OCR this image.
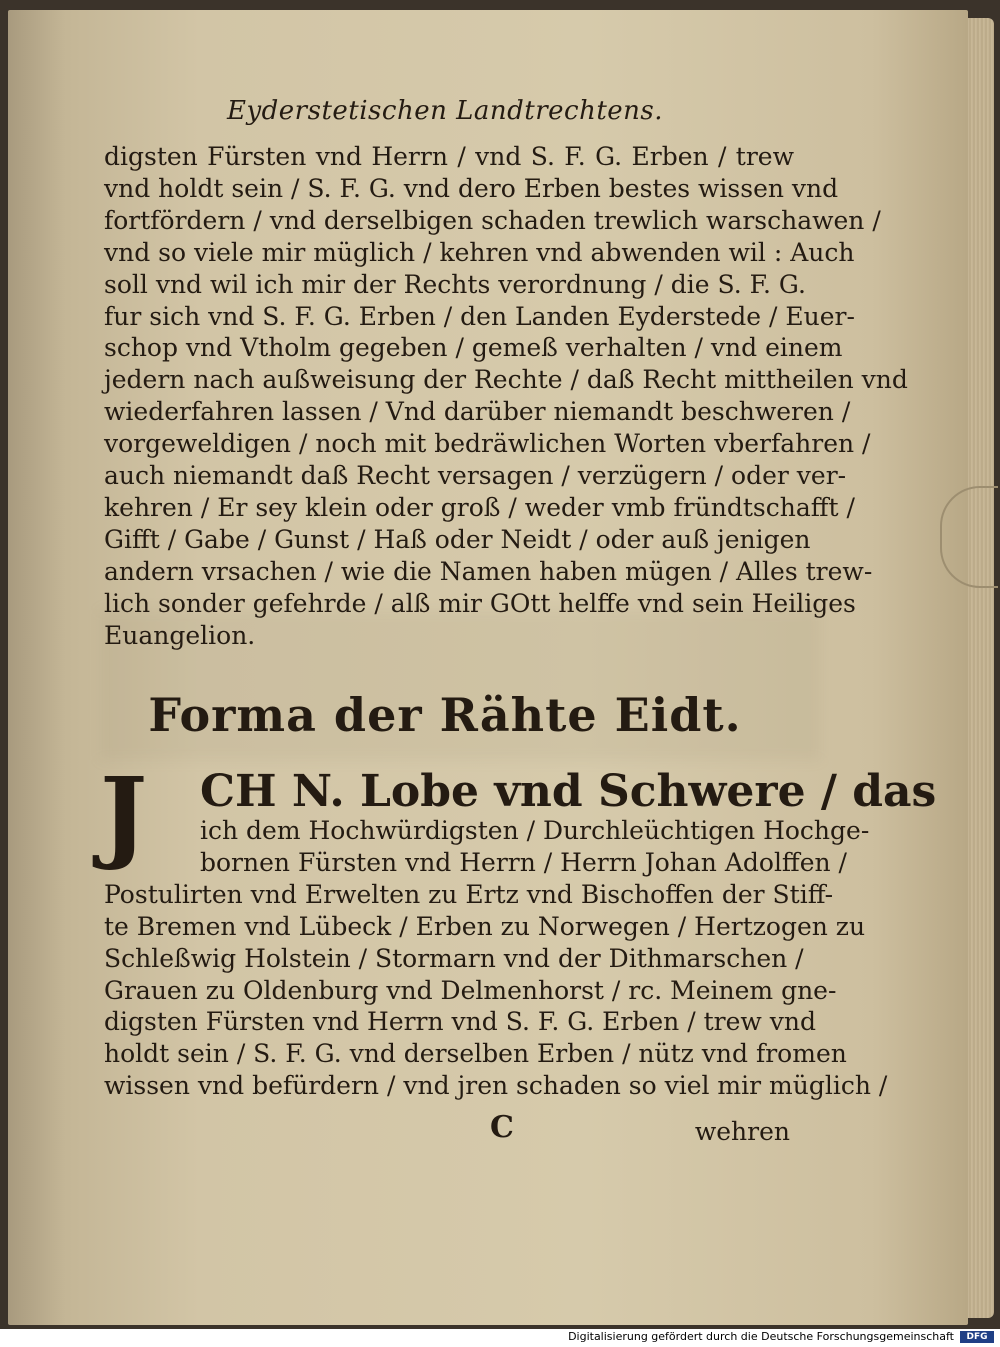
Eyderstetischen Landtrechtens.
digsten Fürsten vnd Herrn / vnd S. F. G. Erben / trew
vnd holdt sein / S. F. G. vnd dero Erben bestes wissen vnd
fortfördern / vnd derselbigen schaden trewlich warschawen /
vnd so viele mir müglich / kehren vnd abwenden wil : Auch
soll vnd wil ich mir der Rechts verordnung / die S. F. G.
fur sich vnd S. F. G. Erben / den Landen Eyderstede / Euer-
schop vnd Vtholm gegeben / gemeß verhalten / vnd einem
jedern nach außweisung der Rechte / daß Recht mittheilen vnd
wiederfahren lassen / Vnd darüber niemandt beschweren /
vorgeweldigen / noch mit bedräwlichen Worten vberfahren /
auch niemandt daß Recht versagen / verzügern / oder ver-
kehren / Er sey klein oder groß / weder vmb fründtschafft /
Gifft / Gabe / Gunst / Haß oder Neidt / oder auß jenigen
andern vrsachen / wie die Namen haben mügen / Alles trew-
lich sonder gefehrde / alß mir GOtt helffe vnd sein Heiliges
Euangelion.
Forma der Rähte Eidt.
J CH N. Lobe vnd Schwere / das
ich dem Hochwürdigsten / Durchleüchtigen Hochge-
bornen Fürsten vnd Herrn / Herrn Johan Adolffen /
Postulirten vnd Erwelten zu Ertz vnd Bischoffen der Stiff-
te Bremen vnd Lübeck / Erben zu Norwegen / Hertzogen zu
Schleßwig Holstein / Stormarn vnd der Dithmarschen /
Grauen zu Oldenburg vnd Delmenhorst / rc. Meinem gne-
digsten Fürsten vnd Herrn vnd S. F. G. Erben / trew vnd
holdt sein / S. F. G. vnd derselben Erben / nütz vnd fromen
wissen vnd befürdern / vnd jren schaden so viel mir müglich /
C	wehren
Digitalisierung gefördert durch die Deutsche Forschungsgemeinschaft	DFG
